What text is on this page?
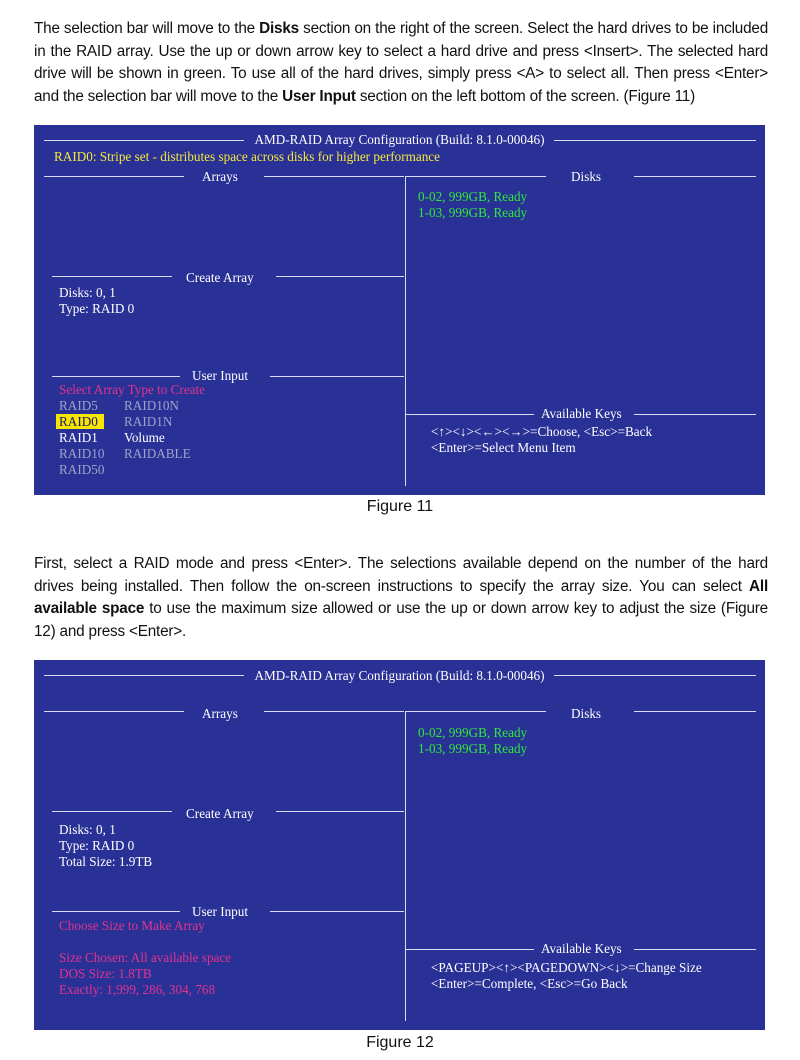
The selection bar will move to the Disks section on the right of the screen. Select the hard drives to be included in the RAID array. Use the up or down arrow key to select a hard drive and press <Insert>. The selected hard drive will be shown in green. To use all of the hard drives, simply press <A> to select all. Then press <Enter> and the selection bar will move to the User Input section on the left bottom of the screen. (Figure 11)
AMD-RAID Array Configuration (Build: 8.1.0-00046)
RAID0: Stripe set - distributes space across disks for higher performance
Arrays	Disks
0-02, 999GB, Ready
1-03, 999GB, Ready
Create Array
Disks: 0, 1
Type: RAID 0
User Input
Select Array Type to Create
RAID5
RAID0
RAID1
RAID10
RAID50
RAID10N
RAID1N
Volume
RAIDABLE
Available Keys
<↑><↓><←><→>=Choose, <Esc>=Back
<Enter>=Select Menu Item
Figure 11
First, select a RAID mode and press <Enter>. The selections available depend on the number of the hard drives being installed. Then follow the on-screen instructions to specify the array size. You can select All available space to use the maximum size allowed or use the up or down arrow key to adjust the size (Figure 12) and press <Enter>.
AMD-RAID Array Configuration (Build: 8.1.0-00046)
Arrays	Disks
0-02, 999GB, Ready
1-03, 999GB, Ready
Create Array
Disks: 0, 1
Type: RAID 0
Total Size: 1.9TB
User Input
Choose Size to Make Array
Size Chosen: All available space
DOS Size: 1.8TB
Exactly: 1,999, 286, 304, 768
Available Keys
<PAGEUP><↑><PAGEDOWN><↓>=Change Size
<Enter>=Complete, <Esc>=Go Back
Figure 12
